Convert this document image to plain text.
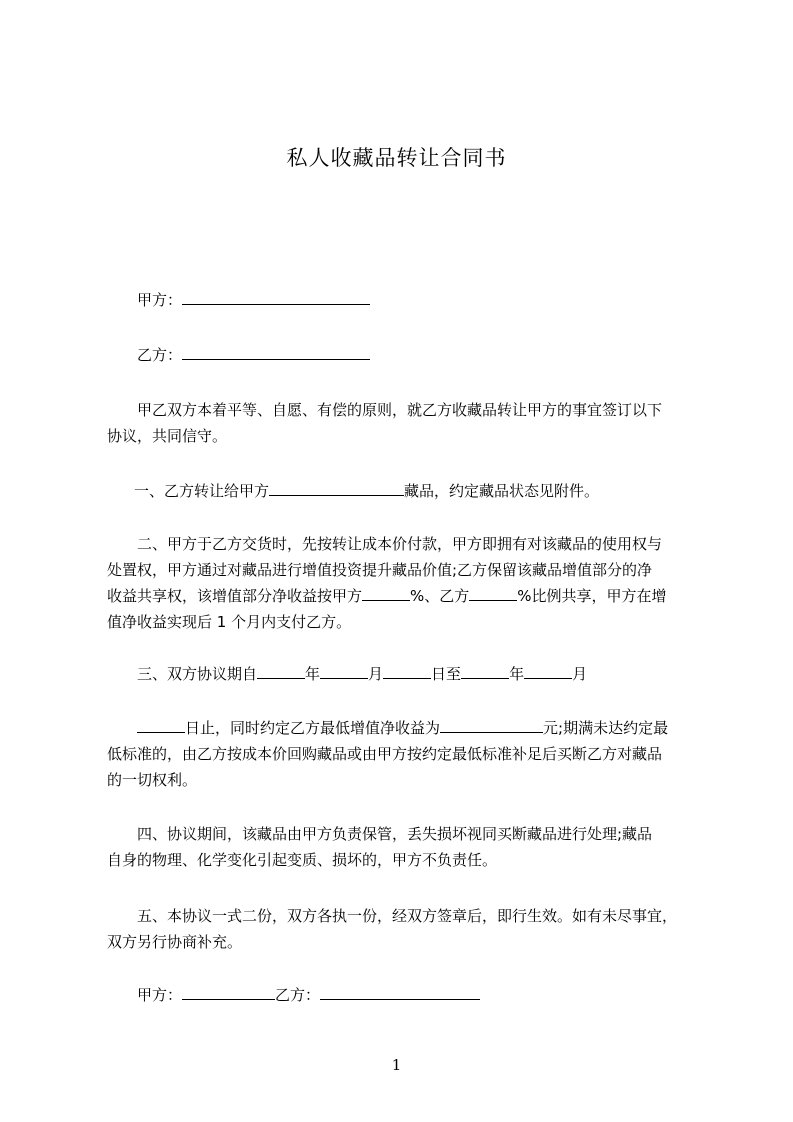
私人收藏品转让合同书
甲方：
乙方：
甲乙双方本着平等、自愿、有偿的原则，就乙方收藏品转让甲方的事宜签订以下
协议，共同信守。
一、乙方转让给甲方	藏品，约定藏品状态见附件。
二、甲方于乙方交货时，先按转让成本价付款，甲方即拥有对该藏品的使用权与
处置权，甲方通过对藏品进行增值投资提升藏品价值;乙方保留该藏品增值部分的净
收益共享权，该增值部分净收益按甲方	%、乙方	%比例共享，甲方在增
值净收益实现后 1 个月内支付乙方。
三、双方协议期自	年	月	日至	年	月
日止，同时约定乙方最低增值净收益为	元;期满未达约定最
低标准的，由乙方按成本价回购藏品或由甲方按约定最低标准补足后买断乙方对藏品
的一切权利。
四、协议期间，该藏品由甲方负责保管，丢失损坏视同买断藏品进行处理;藏品
自身的物理、化学变化引起变质、损坏的，甲方不负责任。
五、本协议一式二份，双方各执一份，经双方签章后，即行生效。如有未尽事宜，
双方另行协商补充。
甲方：	乙方：
1
